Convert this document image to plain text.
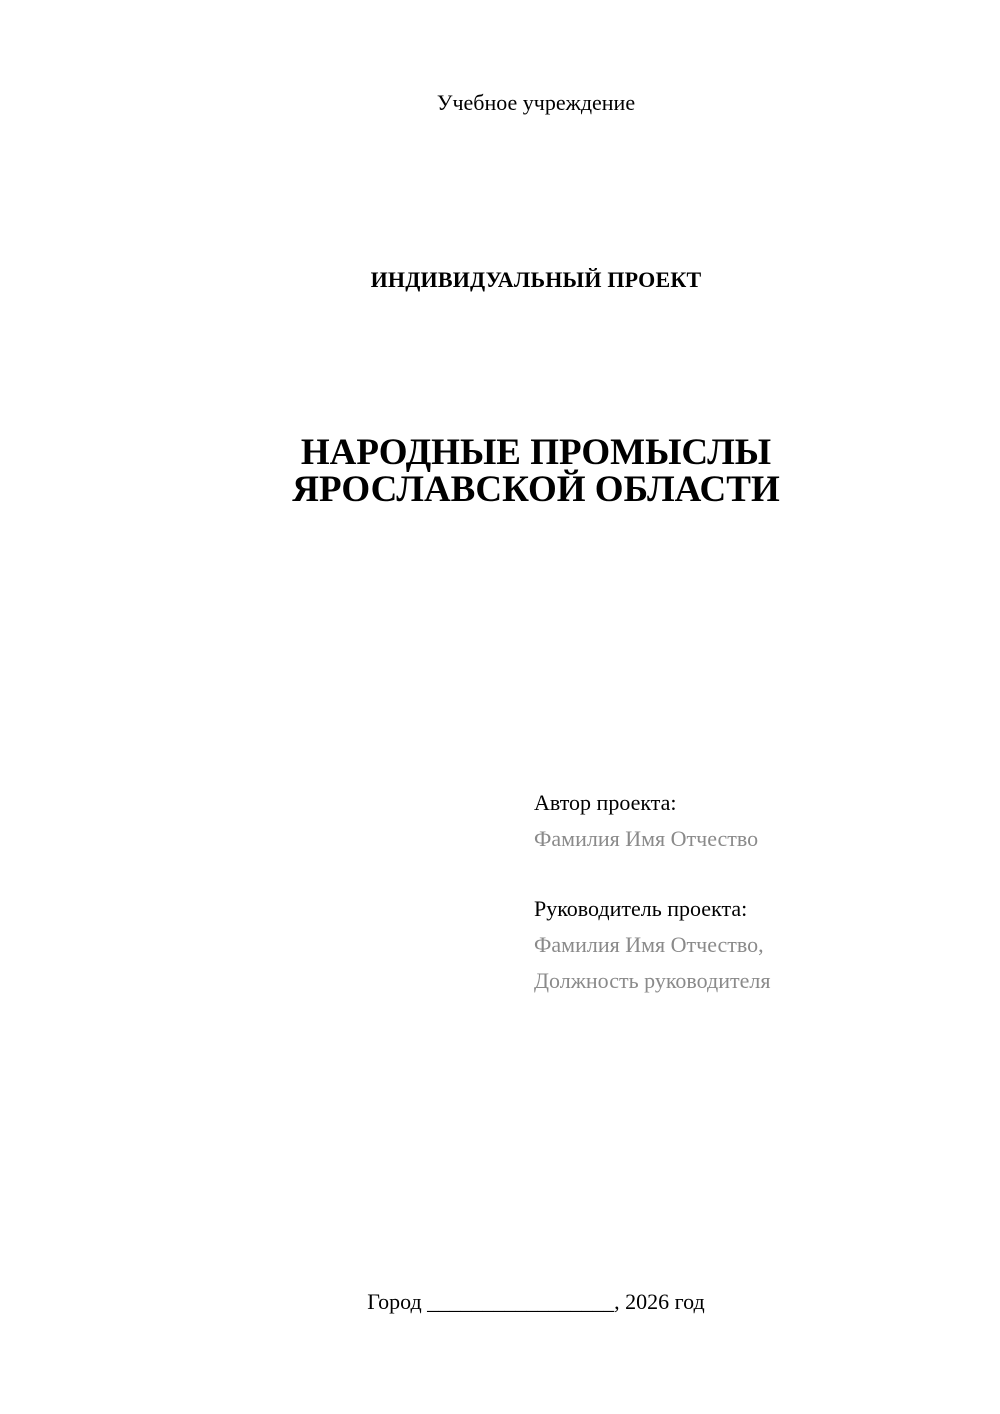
Учебное учреждение
ИНДИВИДУАЛЬНЫЙ ПРОЕКТ
НАРОДНЫЕ ПРОМЫСЛЫ
ЯРОСЛАВСКОЙ ОБЛАСТИ
Автор проекта:
Фамилия Имя Отчество
Руководитель проекта:
Фамилия Имя Отчество,
Должность руководителя
Город _________________, 2026 год
